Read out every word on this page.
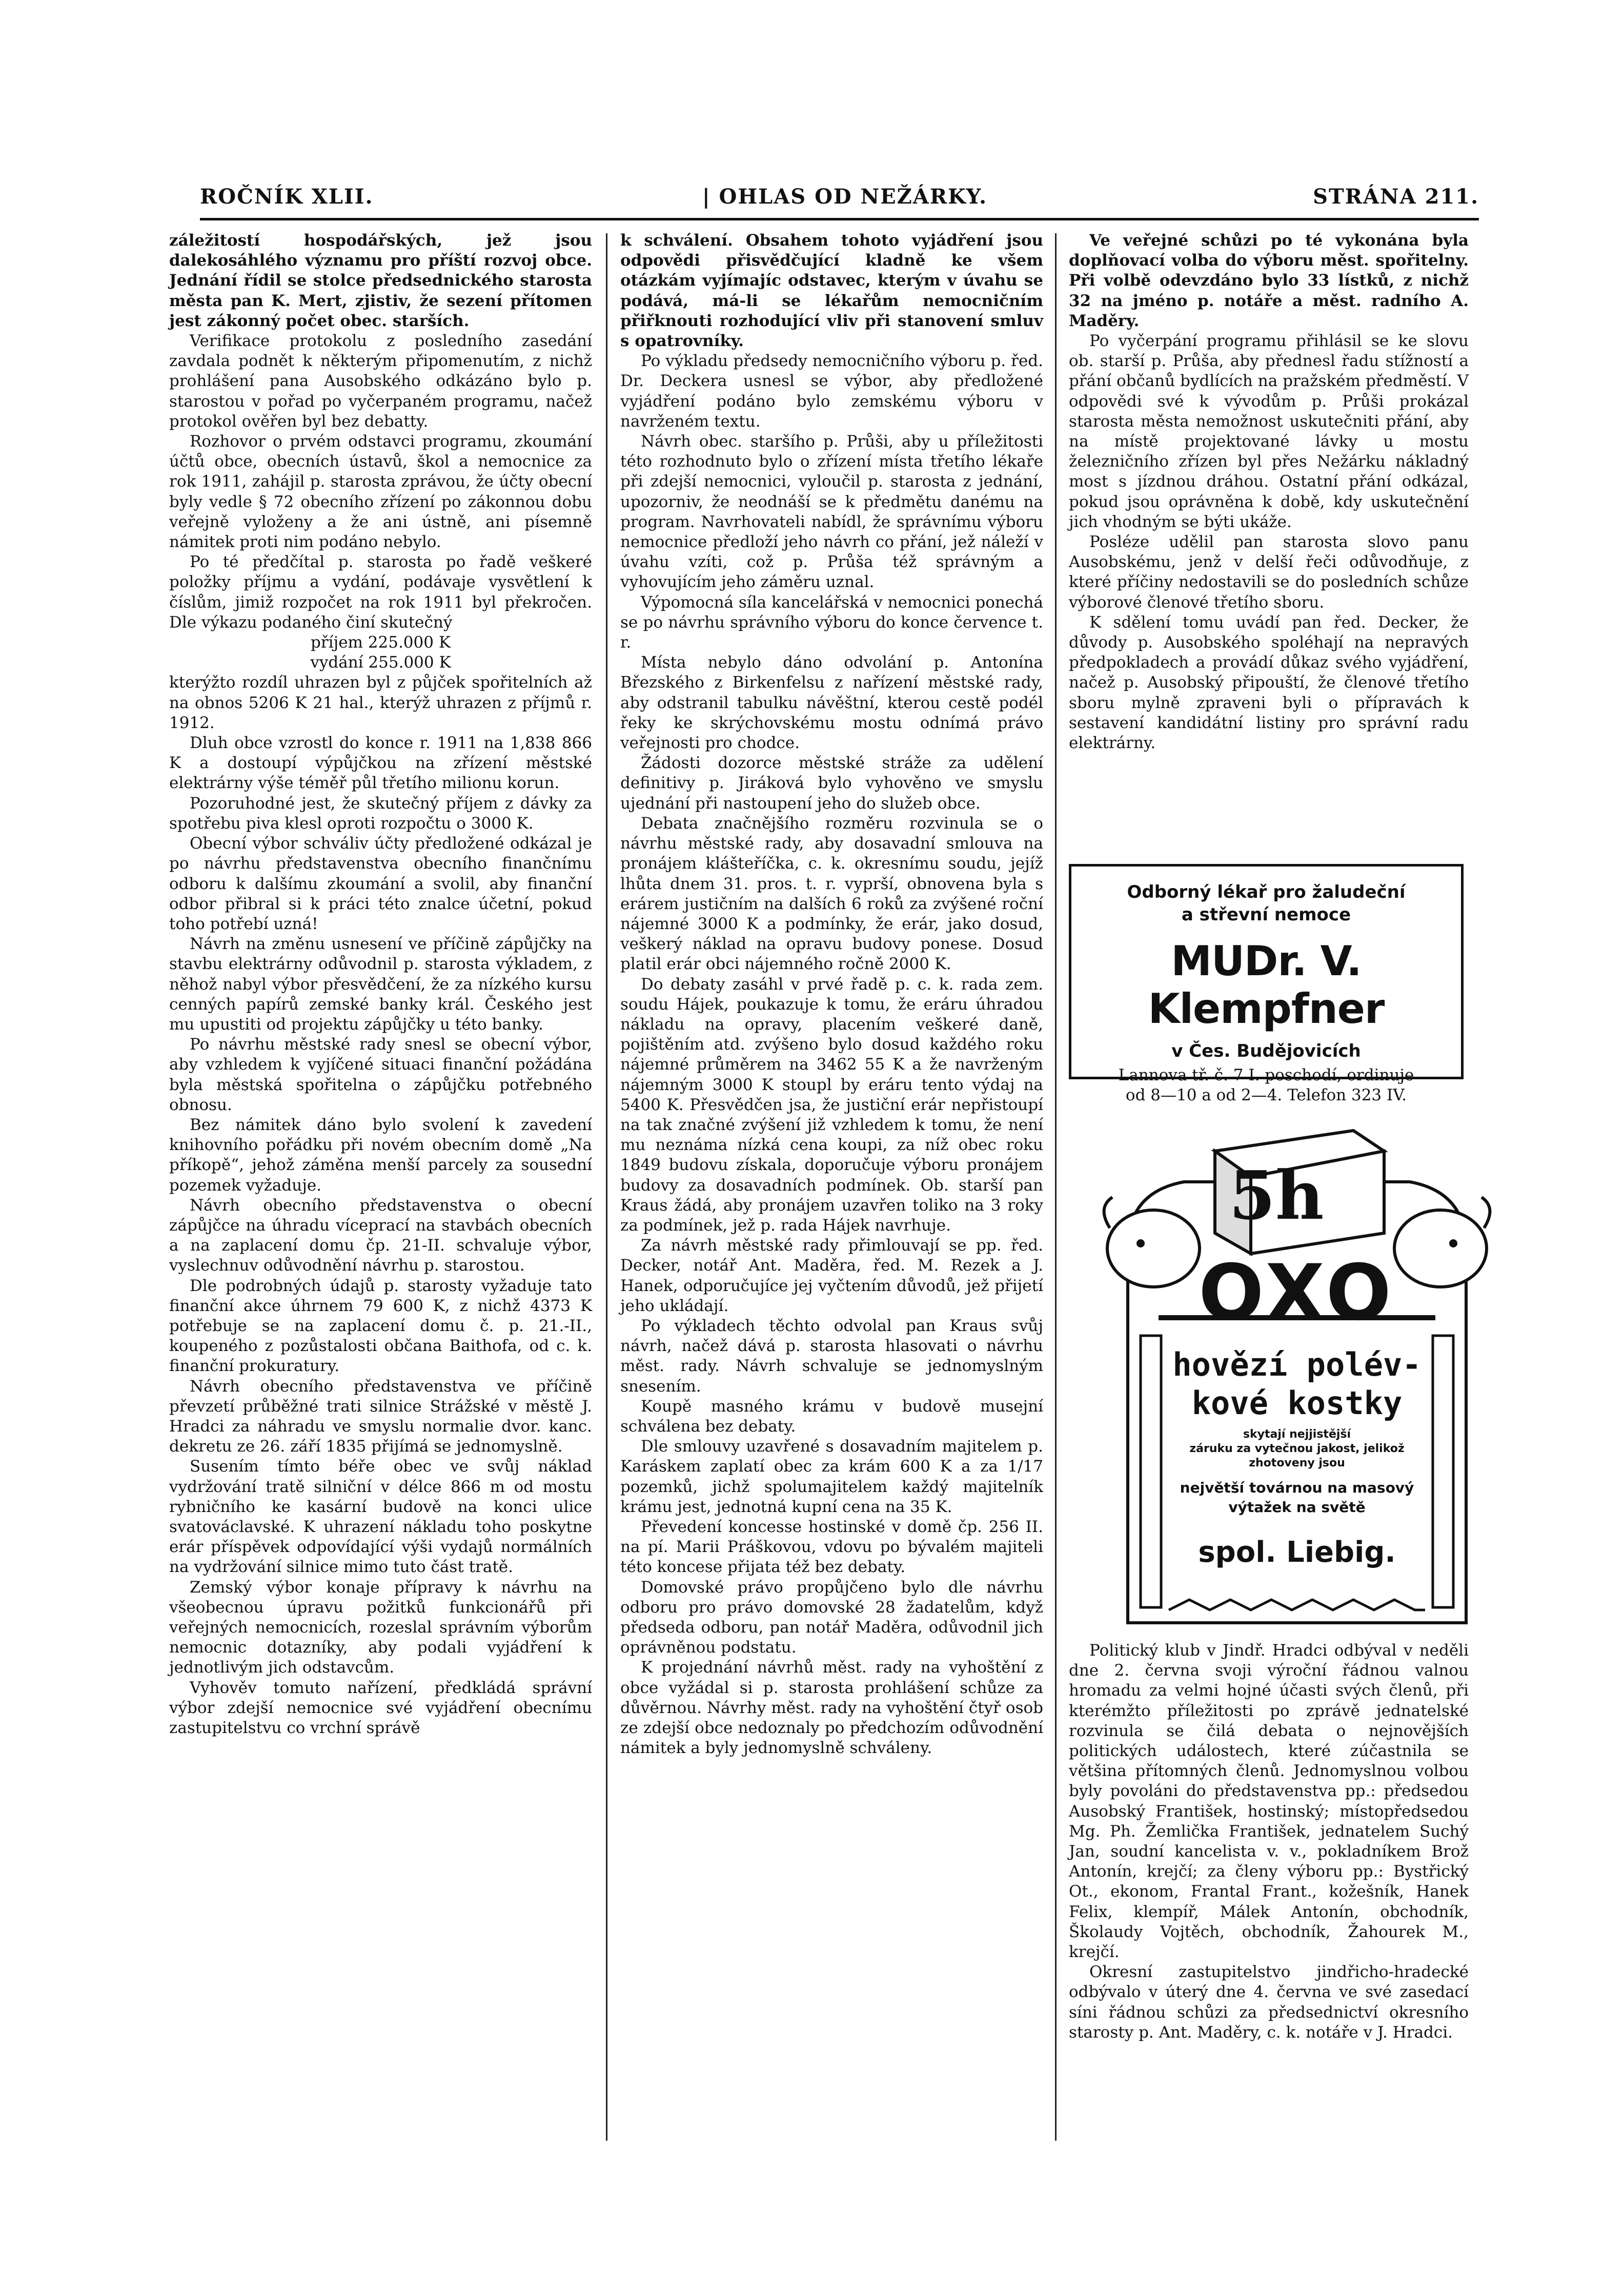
ROČNÍK XLII.	| OHLAS OD NEŽÁRKY.	STRÁNA 211.

záležitostí hospodářských, jež jsou dalekosáhlého významu pro příští rozvoj obce. Jednání řídil se stolce předsednického starosta města pan K. Mert, zjistiv, že sezení přítomen jest zákonný počet obec. starších.

Verifikace protokolu z posledního zasedání zavdala podnět k některým připomenutím, z nichž prohlášení pana Ausobského odkázáno bylo p. starostou v pořad po vyčerpaném programu, načež protokol ověřen byl bez debatty.

Rozhovor o prvém odstavci programu, zkoumání účtů obce, obecních ústavů, škol a nemocnice za rok 1911, zahájil p. starosta zprávou, že účty obecní byly vedle § 72 obecního zřízení po zákonnou dobu veřejně vyloženy a že ani ústně, ani písemně námitek proti nim podáno nebylo.

Po té předčítal p. starosta po řadě veškeré položky příjmu a vydání, podávaje vysvětlení k číslům, jimiž rozpočet na rok 1911 byl překročen. Dle výkazu podaného činí skutečný

příjem 225.000 K

vydání 255.000 K

kterýžto rozdíl uhrazen byl z půjček spořitelních až na obnos 5206 K 21 hal., kterýž uhrazen z příjmů r. 1912.

Dluh obce vzrostl do konce r. 1911 na 1,838 866 K a dostoupí výpůjčkou na zřízení městské elektrárny výše téměř půl třetího milionu korun.

Pozoruhodné jest, že skutečný příjem z dávky za spotřebu piva klesl oproti rozpočtu o 3000 K.

Obecní výbor schváliv účty předložené odkázal je po návrhu představenstva obecního finančnímu odboru k dalšímu zkoumání a svolil, aby finanční odbor přibral si k práci této znalce účetní, pokud toho potřebí uzná!

Návrh na změnu usnesení ve příčině zápůjčky na stavbu elektrárny odůvodnil p. starosta výkladem, z něhož nabyl výbor přesvědčení, že za nízkého kursu cenných papírů zemské banky král. Českého jest mu upustiti od projektu zápůjčky u této banky.

Po návrhu městské rady snesl se obecní výbor, aby vzhledem k vyjíčené situaci finanční požádána byla městská spořitelna o zápůjčku potřebného obnosu.

Bez námitek dáno bylo svolení k zavedení knihovního pořádku při novém obecním domě „Na příkopě“, jehož záměna menší parcely za sousední pozemek vyžaduje.

Návrh obecního představenstva o obecní zápůjčce na úhradu víceprací na stavbách obecních a na zaplacení domu čp. 21-II. schvaluje výbor, vyslechnuv odůvodnění návrhu p. starostou.

Dle podrobných údajů p. starosty vyžaduje tato finanční akce úhrnem 79 600 K, z nichž 4373 K potřebuje se na zaplacení domu č. p. 21.-II., koupeného z pozůstalosti občana Baithofa, od c. k. finanční prokuratury.

Návrh obecního představenstva ve příčině převzetí průběžné trati silnice Strážské v městě J. Hradci za náhradu ve smyslu normalie dvor. kanc. dekretu ze 26. září 1835 přijímá se jednomyslně.

Susením tímto béře obec ve svůj náklad vydržování tratě silniční v délce 866 m od mostu rybničního ke kasární budově na konci ulice svatováclavské. K uhrazení nákladu toho poskytne erár příspěvek odpovídající výši vydajů normálních na vydržování silnice mimo tuto část tratě.

Zemský výbor konaje přípravy k návrhu na všeobecnou úpravu požitků funkcionářů při veřejných nemocnicích, rozeslal správním výborům nemocnic dotazníky, aby podali vyjádření k jednotlivým jich odstavcům.

Vyhověv tomuto nařízení, předkládá správní výbor zdejší nemocnice své vyjádření obecnímu zastupitelstvu co vrchní správě

k schválení. Obsahem tohoto vyjádření jsou odpovědi přisvědčující kladně ke všem otázkám vyjímajíc odstavec, kterým v úvahu se podává, má-li se lékařům nemocničním přiřknouti rozhodující vliv při stanovení smluv s opatrovníky.

Po výkladu předsedy nemocničního výboru p. řed. Dr. Deckera usnesl se výbor, aby předložené vyjádření podáno bylo zemskému výboru v navrženém textu.

Návrh obec. staršího p. Průši, aby u příležitosti této rozhodnuto bylo o zřízení místa třetího lékaře při zdejší nemocnici, vyloučil p. starosta z jednání, upozorniv, že neodnáší se k předmětu danému na program. Navrhovateli nabídl, že správnímu výboru nemocnice předloží jeho návrh co přání, jež náleží v úvahu vzíti, což p. Průša též správným a vyhovujícím jeho záměru uznal.

Výpomocná síla kancelářská v nemocnici ponechá se po návrhu správního výboru do konce července t. r.

Místa nebylo dáno odvolání p. Antonína Březského z Birkenfelsu z nařízení městské rady, aby odstranil tabulku návěštní, kterou cestě podél řeky ke skrýchovskému mostu odnímá právo veřejnosti pro chodce.

Žádosti dozorce městské stráže za udělení definitivy p. Jiráková bylo vyhověno ve smyslu ujednání při nastoupení jeho do služeb obce.

Debata značnějšího rozměru rozvinula se o návrhu městské rady, aby dosavadní smlouva na pronájem klášteříčka, c. k. okresnímu soudu, jejíž lhůta dnem 31. pros. t. r. vyprší, obnovena byla s erárem justičním na dalších 6 roků za zvýšené roční nájemné 3000 K a podmínky, že erár, jako dosud, veškerý náklad na opravu budovy ponese. Dosud platil erár obci nájemného ročně 2000 K.

Do debaty zasáhl v prvé řadě p. c. k. rada zem. soudu Hájek, poukazuje k tomu, že eráru úhradou nákladu na opravy, placením veškeré daně, pojištěním atd. zvýšeno bylo dosud každého roku nájemné průměrem na 3462 55 K a že navrženým nájemným 3000 K stoupl by eráru tento výdaj na 5400 K. Přesvědčen jsa, že justiční erár nepřistoupí na tak značné zvýšení již vzhledem k tomu, že není mu neznáma nízká cena koupi, za níž obec roku 1849 budovu získala, doporučuje výboru pronájem budovy za dosavadních podmínek. Ob. starší pan Kraus žádá, aby pronájem uzavřen toliko na 3 roky za podmínek, jež p. rada Hájek navrhuje.

Za návrh městské rady přimlouvají se pp. řed. Decker, notář Ant. Maděra, řed. M. Rezek a J. Hanek, odporučujíce jej vyčtením důvodů, jež přijetí jeho ukládají.

Po výkladech těchto odvolal pan Kraus svůj návrh, načež dává p. starosta hlasovati o návrhu měst. rady. Návrh schvaluje se jednomyslným snesením.

Koupě masného krámu v budově musejní schválena bez debaty.

Dle smlouvy uzavřené s dosavadním majitelem p. Karáskem zaplatí obec za krám 600 K a za 1/17 pozemků, jichž spolumajitelem každý majitelník krámu jest, jednotná kupní cena na 35 K.

Převedení koncesse hostinské v domě čp. 256 II. na pí. Marii Práškovou, vdovu po bývalém majiteli této koncese přijata též bez debaty.

Domovské právo propůjčeno bylo dle návrhu odboru pro právo domovské 28 žadatelům, když předseda odboru, pan notář Maděra, odůvodnil jich oprávněnou podstatu.

K projednání návrhů měst. rady na vyhoštění z obce vyžádal si p. starosta prohlášení schůze za důvěrnou. Návrhy měst. rady na vyhoštění čtyř osob ze zdejší obce nedoznaly po předchozím odůvodnění námitek a byly jednomyslně schváleny.

Ve veřejné schůzi po té vykonána byla doplňovací volba do výboru měst. spořitelny. Při volbě odevzdáno bylo 33 lístků, z nichž 32 na jméno p. notáře a měst. radního A. Maděry.

Po vyčerpání programu přihlásil se ke slovu ob. starší p. Průša, aby přednesl řadu stížností a přání občanů bydlících na pražském předměstí. V odpovědi své k vývodům p. Průši prokázal starosta města nemožnost uskutečniti přání, aby na místě projektované lávky u mostu železničního zřízen byl přes Nežárku nákladný most s jízdnou dráhou. Ostatní přání odkázal, pokud jsou oprávněna k době, kdy uskutečnění jich vhodným se býti ukáže.

Posléze udělil pan starosta slovo panu Ausobskému, jenž v delší řeči odůvodňuje, z které příčiny nedostavili se do posledních schůze výborové členové třetího sboru.

K sdělení tomu uvádí pan řed. Decker, že důvody p. Ausobského spoléhají na nepravých předpokladech a provádí důkaz svého vyjádření, načež p. Ausobský připouští, že členové třetího sboru mylně zpraveni byli o přípravách k sestavení kandidátní listiny pro správní radu elektrárny.

Odborný lékař pro žaludeční
a střevní nemoce
MUDr. V. Klempfner
v Čes. Budějovicích
Lannova tř. č. 7 I. poschodí, ordinuje
od 8—10 a od 2—4. Telefon 323 IV.
5h
OXO
hovězí polév-
kové kostky
skytají nejjistější
záruku za vytečnou jakost, jelikož
zhotoveny jsou
největší továrnou na masový
výtažek na světě
spol. Liebig.

Politický klub v Jindř. Hradci odbýval v neděli dne 2. června svoji výroční řádnou valnou hromadu za velmi hojné účasti svých členů, při kterémžto příležitosti po zprávě jednatelské rozvinula se čilá debata o nejnovějších politických událostech, které zúčastnila se většina přítomných členů. Jednomyslnou volbou byly povoláni do představenstva pp.: předsedou Ausobský František, hostinský; místopředsedou Mg. Ph. Žemlička František, jednatelem Suchý Jan, soudní kancelista v. v., pokladníkem Brož Antonín, krejčí; za členy výboru pp.: Bystřický Ot., ekonom, Frantal Frant., kožešník, Hanek Felix, klempíř, Málek Antonín, obchodník, Školaudy Vojtěch, obchodník, Žahourek M., krejčí.

Okresní zastupitelstvo jindřicho-hradecké odbývalo v úterý dne 4. června ve své zasedací síni řádnou schůzi za předsednictví okresního starosty p. Ant. Maděry, c. k. notáře v J. Hradci.
